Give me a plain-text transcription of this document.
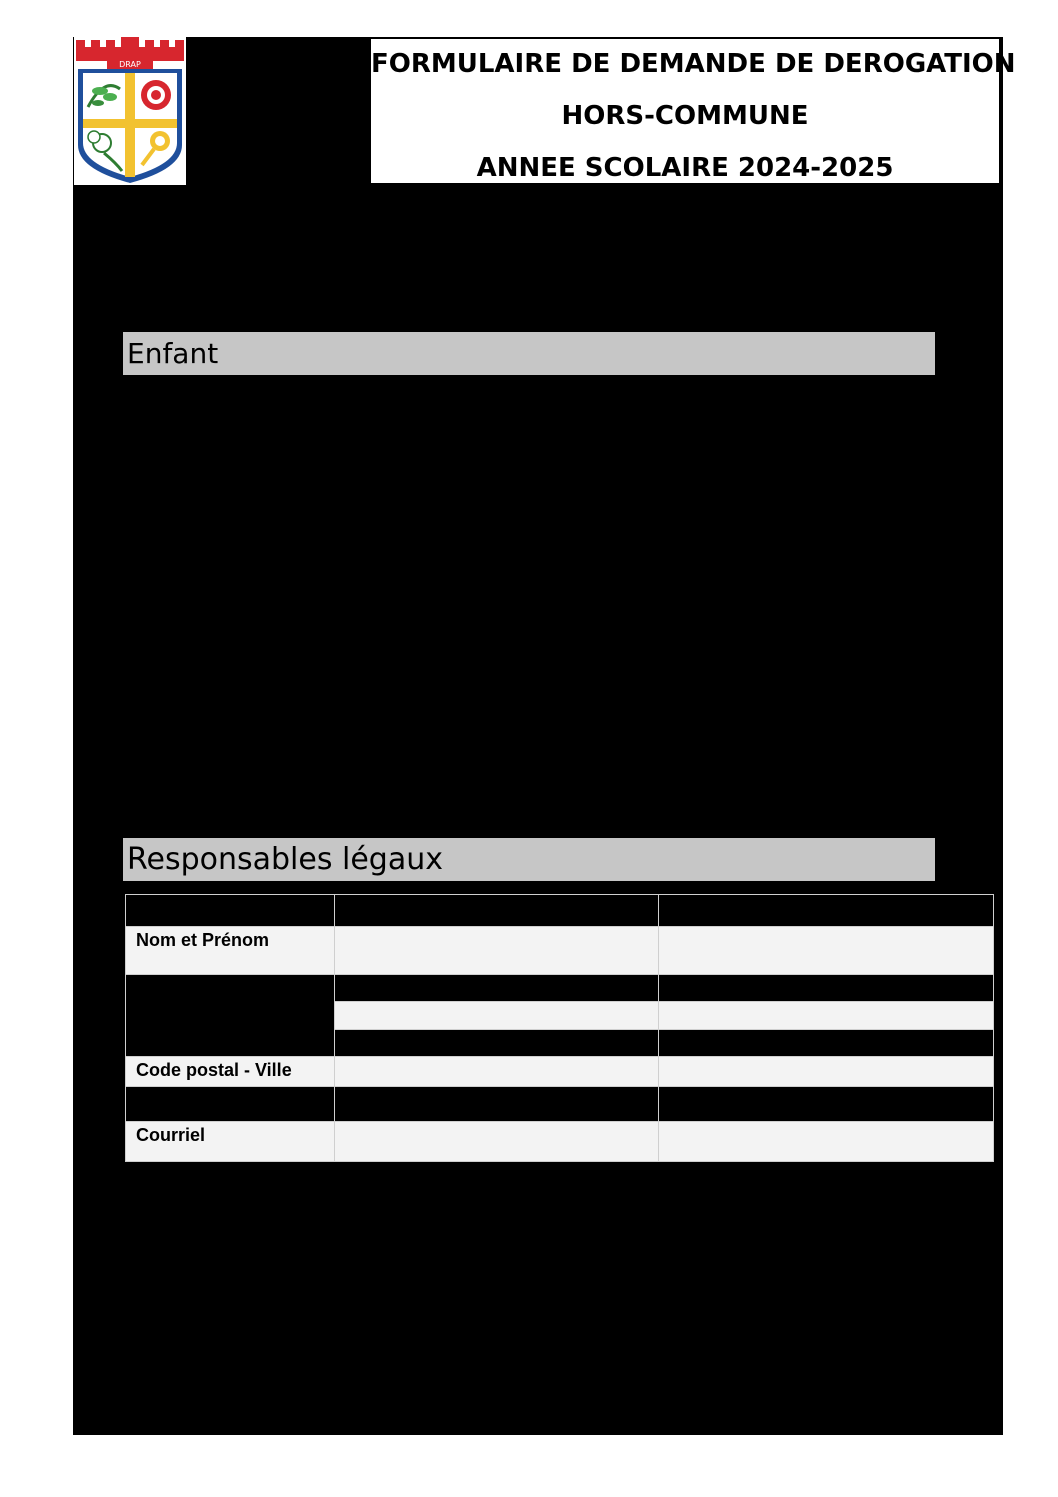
DRAP	FORMULAIRE DE DEMANDE DE DEROGATION
HORS-COMMUNE
ANNEE SCOLAIRE 2024-2025
Enfant
Responsables légaux

Nom et Prénom		

Code postal - Ville		

Courriel		
